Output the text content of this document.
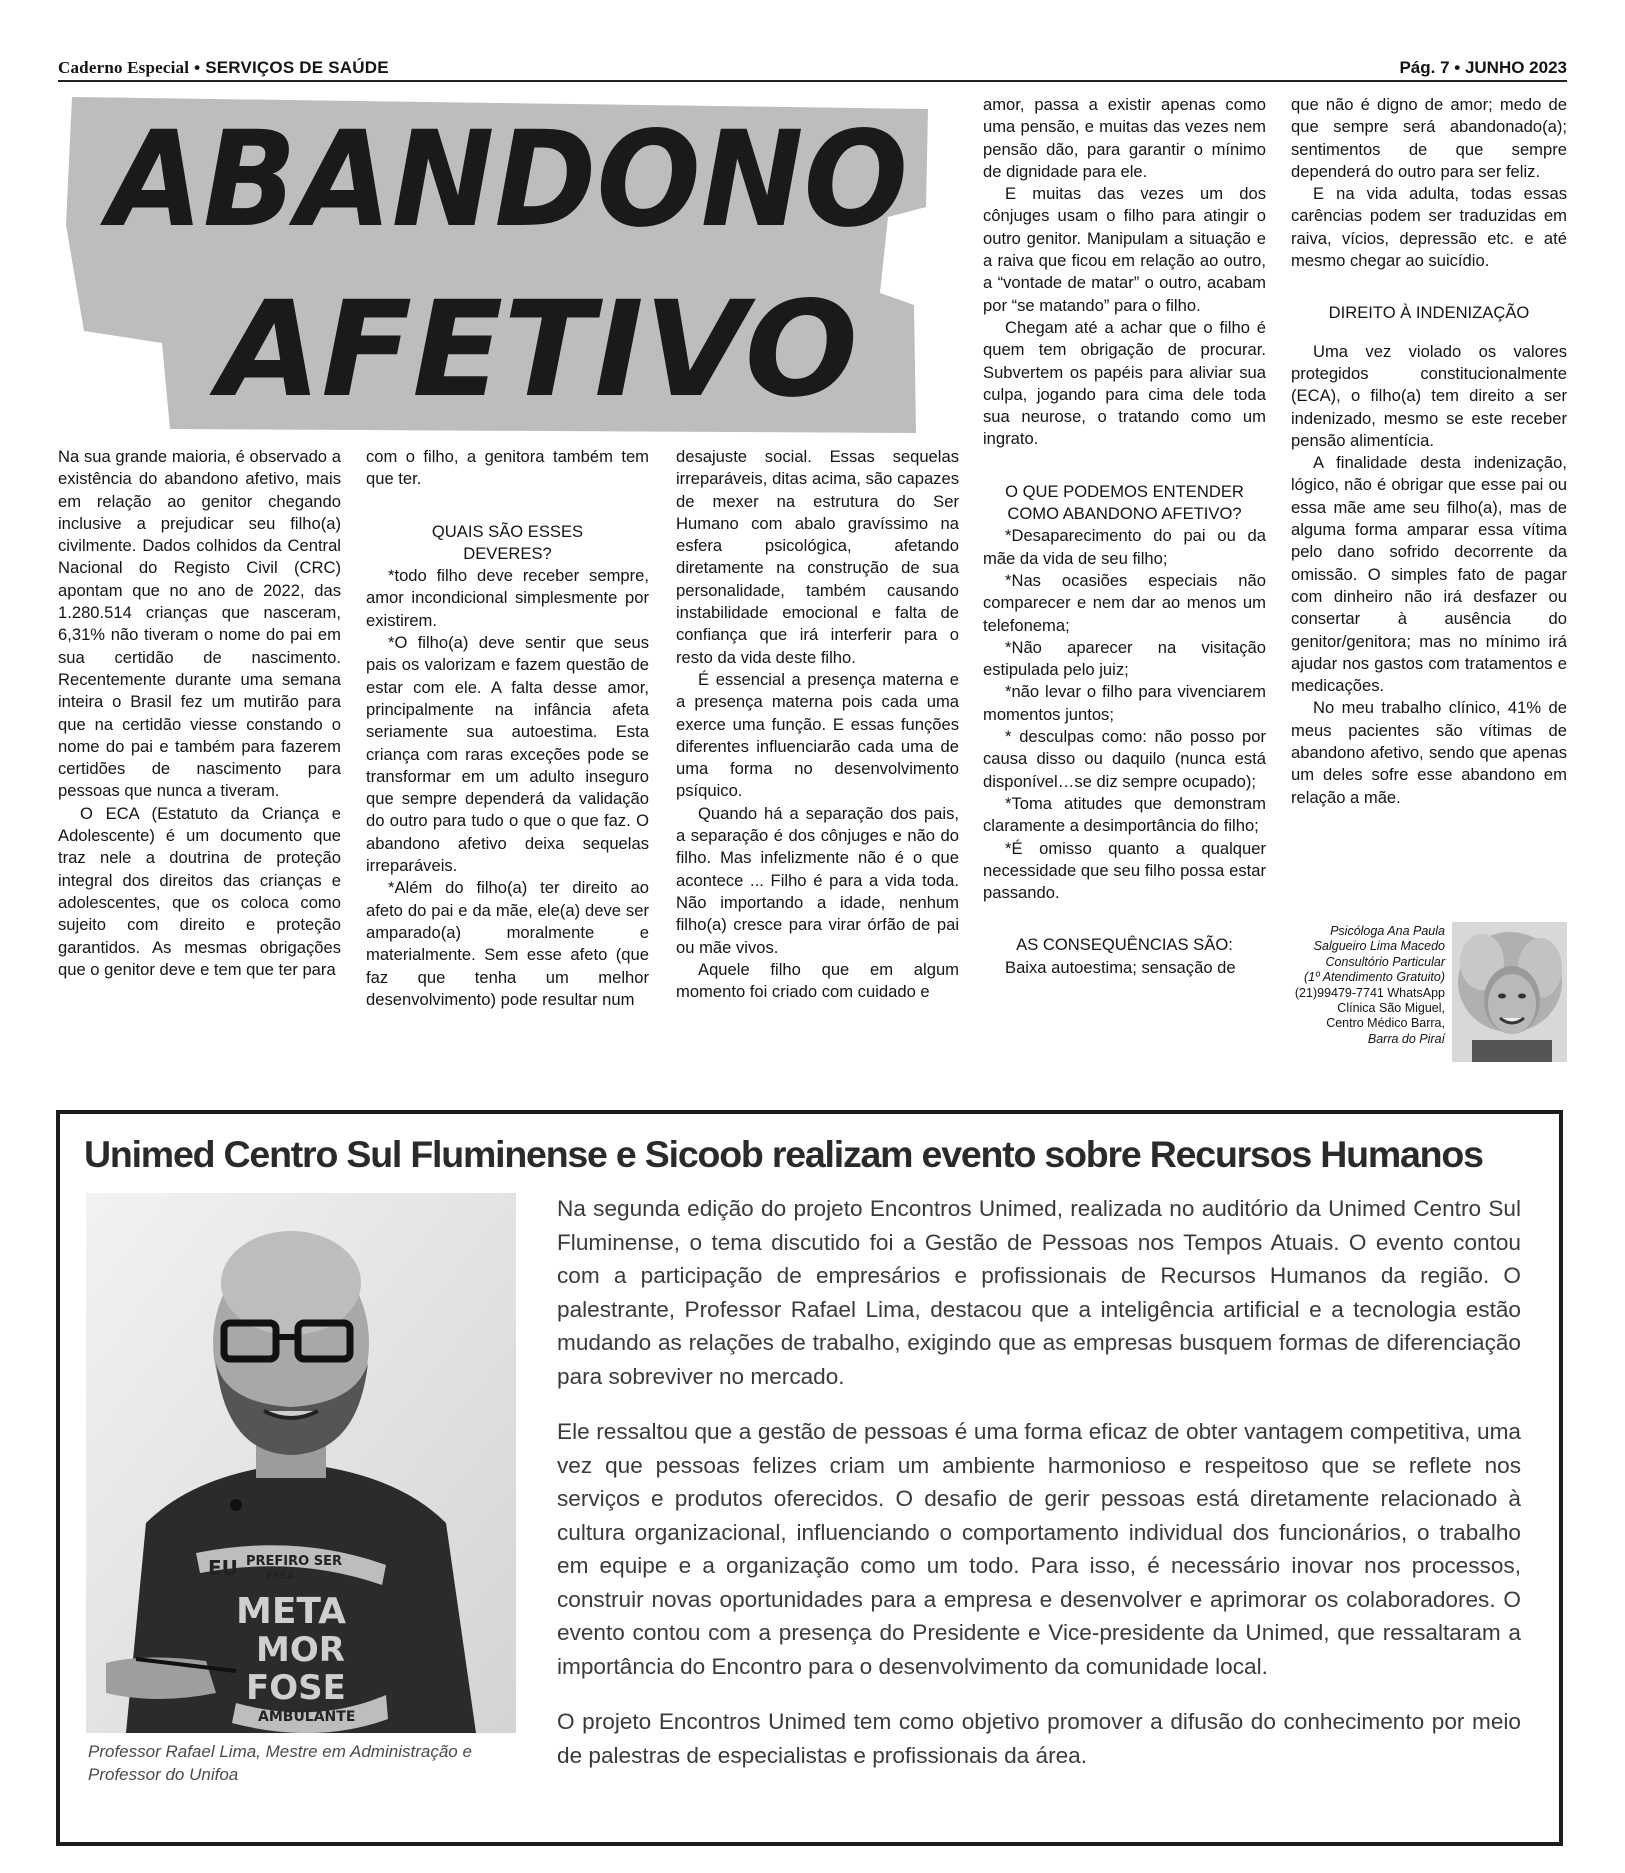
Caderno Especial • SERVIÇOS DE SAÚDE	Pág. 7 • JUNHO 2023
ABANDONO
AFETIVO

Na sua grande maioria, é observado a existência do abandono afetivo, mais em relação ao genitor chegando inclusive a prejudicar seu filho(a) civilmente. Dados colhidos da Central Nacional do Registo Civil (CRC) apontam que no ano de 2022, das 1.280.514 crianças que nasceram, 6,31% não tiveram o nome do pai em sua certidão de nascimento. Recentemente durante uma semana inteira o Brasil fez um mutirão para que na certidão viesse constando o nome do pai e também para fazerem certidões de nascimento para pessoas que nunca a tiveram.

O ECA (Estatuto da Criança e Adolescente) é um documento que traz nele a doutrina de proteção integral dos direitos das crianças e adolescentes, que os coloca como sujeito com direito e proteção garantidos. As mesmas obrigações que o genitor deve e tem que ter para

com o filho, a genitora também tem que ter.

QUAIS SÃO ESSES DEVERES?

*todo filho deve receber sempre, amor incondicional simplesmente por existirem.

*O filho(a) deve sentir que seus pais os valorizam e fazem questão de estar com ele. A falta desse amor, principalmente na infância afeta seriamente sua autoestima. Esta criança com raras exceções pode se transformar em um adulto inseguro que sempre dependerá da validação do outro para tudo o que o que faz. O abandono afetivo deixa sequelas irreparáveis.

*Além do filho(a) ter direito ao afeto do pai e da mãe, ele(a) deve ser amparado(a) moralmente e materialmente. Sem esse afeto (que faz que tenha um melhor desenvolvimento) pode resultar num

desajuste social. Essas sequelas irreparáveis, ditas acima, são capazes de mexer na estrutura do Ser Humano com abalo gravíssimo na esfera psicológica, afetando diretamente na construção de sua personalidade, também causando instabilidade emocional e falta de confiança que irá interferir para o resto da vida deste filho.

É essencial a presença materna e a presença materna pois cada uma exerce uma função. E essas funções diferentes influenciarão cada uma de uma forma no desenvolvimento psíquico.

Quando há a separação dos pais, a separação é dos cônjuges e não do filho. Mas infelizmente não é o que acontece ... Filho é para a vida toda. Não importando a idade, nenhum filho(a) cresce para virar órfão de pai ou mãe vivos.

Aquele filho que em algum momento foi criado com cuidado e

amor, passa a existir apenas como uma pensão, e muitas das vezes nem pensão dão, para garantir o mínimo de dignidade para ele.

E muitas das vezes um dos cônjuges usam o filho para atingir o outro genitor. Manipulam a situação e a raiva que ficou em relação ao outro, a “vontade de matar” o outro, acabam por “se matando” para o filho.

Chegam até a achar que o filho é quem tem obrigação de procurar. Subvertem os papéis para aliviar sua culpa, jogando para cima dele toda sua neurose, o tratando como um ingrato.

O QUE PODEMOS ENTENDER COMO ABANDONO AFETIVO?

*Desaparecimento do pai ou da mãe da vida de seu filho;

*Nas ocasiões especiais não comparecer e nem dar ao menos um telefonema;

*Não aparecer na visitação estipulada pelo juiz;

*não levar o filho para vivenciarem momentos juntos;

* desculpas como: não posso por causa disso ou daquilo (nunca está disponível…se diz sempre ocupado);

*Toma atitudes que demonstram claramente a desimportância do filho;

*É omisso quanto a qualquer necessidade que seu filho possa estar passando.

AS CONSEQUÊNCIAS SÃO:

Baixa autoestima; sensação de

que não é digno de amor; medo de que sempre será abandonado(a); sentimentos de que sempre dependerá do outro para ser feliz.

E na vida adulta, todas essas carências podem ser traduzidas em raiva, vícios, depressão etc. e até mesmo chegar ao suicídio.

DIREITO À INDENIZAÇÃO

Uma vez violado os valores protegidos constitucionalmente (ECA), o filho(a) tem direito a ser indenizado, mesmo se este receber pensão alimentícia.

A finalidade desta indenização, lógico, não é obrigar que esse pai ou essa mãe ame seu filho(a), mas de alguma forma amparar essa vítima pelo dano sofrido decorrente da omissão. O simples fato de pagar com dinheiro não irá desfazer ou consertar à ausência do genitor/genitora; mas no mínimo irá ajudar nos gastos com tratamentos e medicações.

No meu trabalho clínico, 41% de meus pacientes são vítimas de abandono afetivo, sendo que apenas um deles sofre esse abandono em relação a mãe.

Psicóloga Ana Paula
Salgueiro Lima Macedo
Consultório Particular
(1º Atendimento Gratuito)
(21)99479-7741 WhatsApp
Clínica São Miguel,
Centro Médico Barra,
Barra do Piraí
Unimed Centro Sul Fluminense e Sicoob realizam evento sobre Recursos Humanos
EU PREFIRO SER
ESSA
META
MOR
FOSE
AMBULANTE
Professor Rafael Lima, Mestre em Administração e Professor do Unifoa

Na segunda edição do projeto Encontros Unimed, realizada no auditório da Unimed Centro Sul Fluminense, o tema discutido foi a Gestão de Pessoas nos Tempos Atuais. O evento contou com a participação de empresários e profissionais de Recursos Humanos da região. O palestrante, Professor Rafael Lima, destacou que a inteligência artificial e a tecnologia estão mudando as relações de trabalho, exigindo que as empresas busquem formas de diferenciação para sobreviver no mercado.

Ele ressaltou que a gestão de pessoas é uma forma eficaz de obter vantagem competitiva, uma vez que pessoas felizes criam um ambiente harmonioso e respeitoso que se reflete nos serviços e produtos oferecidos. O desafio de gerir pessoas está diretamente relacionado à cultura organizacional, influenciando o comportamento individual dos funcionários, o trabalho em equipe e a organização como um todo. Para isso, é necessário inovar nos processos, construir novas oportunidades para a empresa e desenvolver e aprimorar os colaboradores. O evento contou com a presença do Presidente e Vice-presidente da Unimed, que ressaltaram a importância do Encontro para o desenvolvimento da comunidade local.

O projeto Encontros Unimed tem como objetivo promover a difusão do conhecimento por meio de palestras de especialistas e profissionais da área.
